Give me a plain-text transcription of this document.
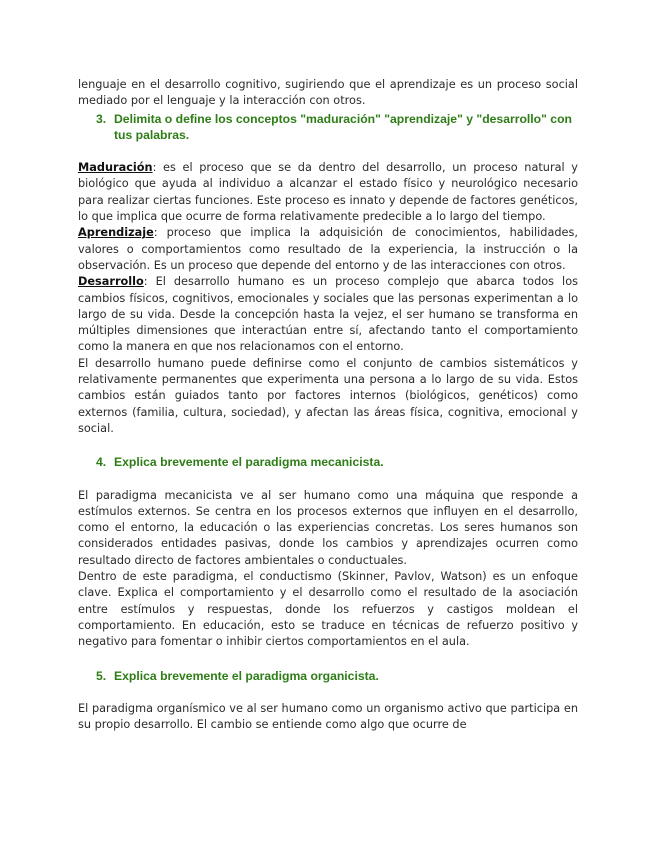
lenguaje en el desarrollo cognitivo, sugiriendo que el aprendizaje es un proceso social mediado por el lenguaje y la interacción con otros.

3. Delimita o define los conceptos "maduración" "aprendizaje" y "desarrollo" con tus palabras.

Maduración: es el proceso que se da dentro del desarrollo, un proceso natural y biológico que ayuda al individuo a alcanzar el estado físico y neurológico necesario para realizar ciertas funciones. Este proceso es innato y depende de factores genéticos, lo que implica que ocurre de forma relativamente predecible a lo largo del tiempo.

Aprendizaje: proceso que implica la adquisición de conocimientos, habilidades, valores o comportamientos como resultado de la experiencia, la instrucción o la observación. Es un proceso que depende del entorno y de las interacciones con otros.

Desarrollo: El desarrollo humano es un proceso complejo que abarca todos los cambios físicos, cognitivos, emocionales y sociales que las personas experimentan a lo largo de su vida. Desde la concepción hasta la vejez, el ser humano se transforma en múltiples dimensiones que interactúan entre sí, afectando tanto el comportamiento como la manera en que nos relacionamos con el entorno.

El desarrollo humano puede definirse como el conjunto de cambios sistemáticos y relativamente permanentes que experimenta una persona a lo largo de su vida. Estos cambios están guiados tanto por factores internos (biológicos, genéticos) como externos (familia, cultura, sociedad), y afectan las áreas física, cognitiva, emocional y social.

4. Explica brevemente el paradigma mecanicista.

El paradigma mecanicista ve al ser humano como una máquina que responde a estímulos externos. Se centra en los procesos externos que influyen en el desarrollo, como el entorno, la educación o las experiencias concretas. Los seres humanos son considerados entidades pasivas, donde los cambios y aprendizajes ocurren como resultado directo de factores ambientales o conductuales.

Dentro de este paradigma, el conductismo (Skinner, Pavlov, Watson) es un enfoque clave. Explica el comportamiento y el desarrollo como el resultado de la asociación entre estímulos y respuestas, donde los refuerzos y castigos moldean el comportamiento. En educación, esto se traduce en técnicas de refuerzo positivo y negativo para fomentar o inhibir ciertos comportamientos en el aula.

5. Explica brevemente el paradigma organicista.

El paradigma organísmico ve al ser humano como un organismo activo que participa en su propio desarrollo. El cambio se entiende como algo que ocurre de
